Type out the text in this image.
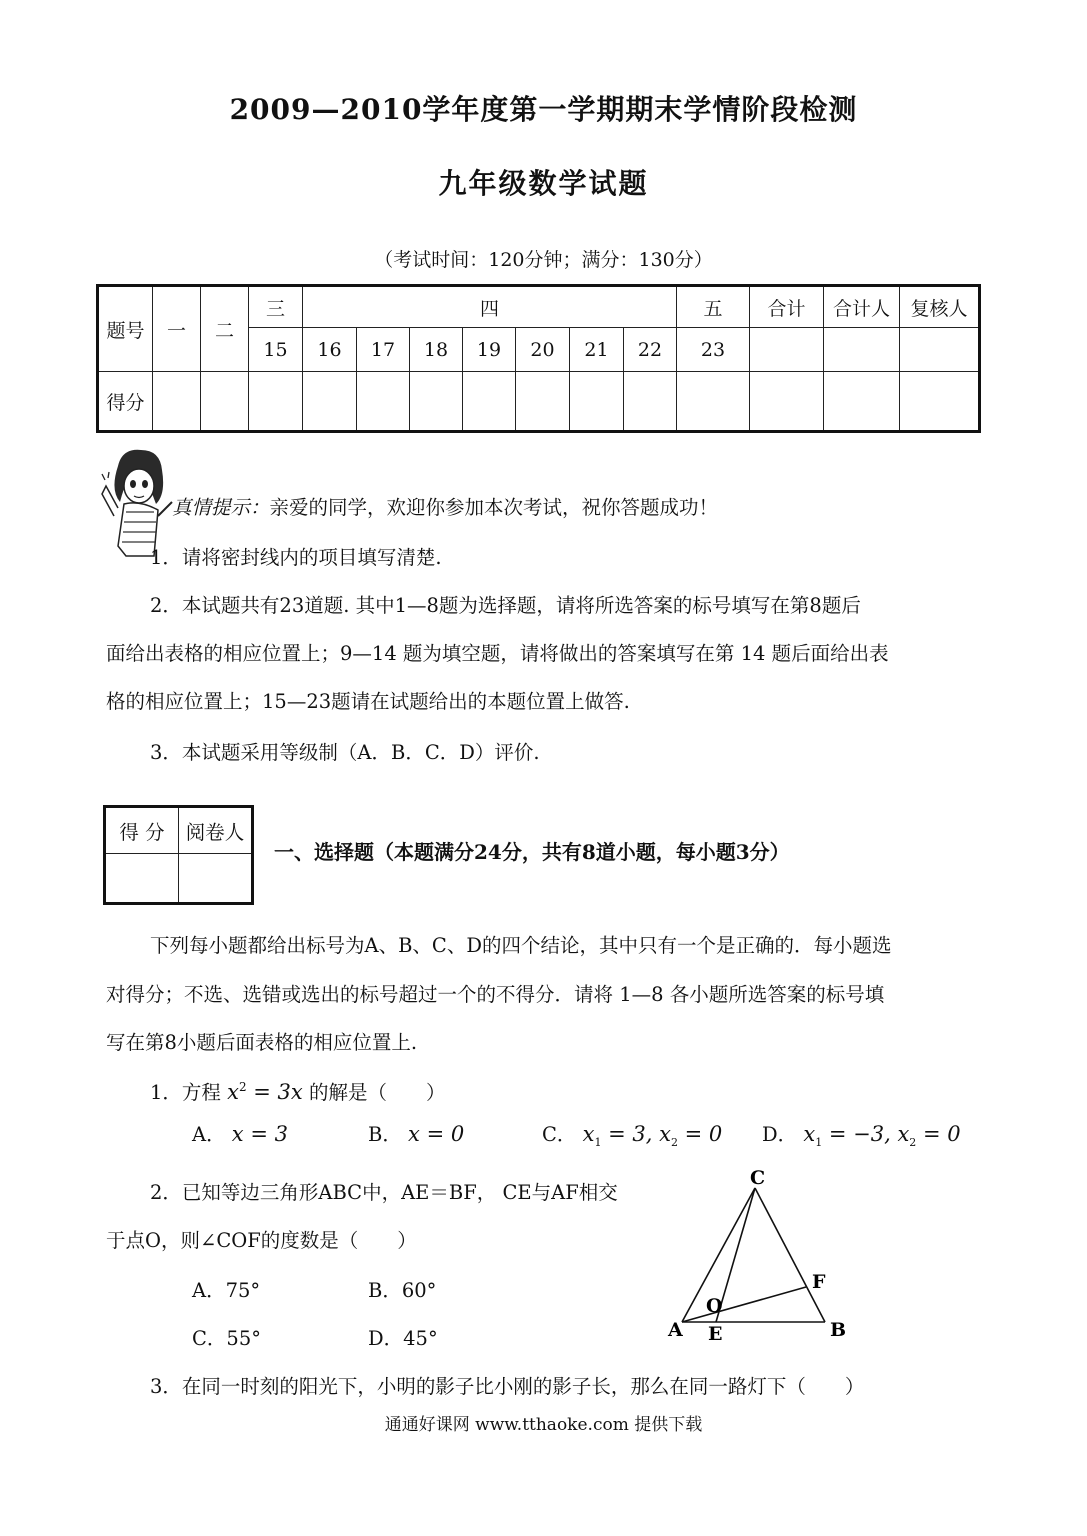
2009—2010学年度第一学期期末学情阶段检测
九年级数学试题
（考试时间：120分钟；满分：130分）
题号	一	二	三	四							五	合计	合计人	复核人
			15	16	17	18	19	20	21	22	23			
得分														
真情提示：亲爱的同学，欢迎你参加本次考试，祝你答题成功！
1．请将密封线内的项目填写清楚.
2．本试题共有23道题. 其中1—8题为选择题，请将所选答案的标号填写在第8题后
面给出表格的相应位置上；9—14 题为填空题，请将做出的答案填写在第 14 题后面给出表
格的相应位置上；15—23题请在试题给出的本题位置上做答.
3．本试题采用等级制（A．B．C．D）评价.
得 分	阅卷人

一、选择题（本题满分24分，共有8道小题，每小题3分）
下列每小题都给出标号为A、B、C、D的四个结论，其中只有一个是正确的．每小题选
对得分；不选、选错或选出的标号超过一个的不得分．请将 1—8 各小题所选答案的标号填
写在第8小题后面表格的相应位置上.
1．方程 $x^2 = 3x$ 的解是（　　）
A． x = 3	B． x = 0	C． $x_1 = 3$, $x_2 = 0$ D． $x_1 = -3$, $x_2 = 0$
2．已知等边三角形ABC中，AE＝BF， CE与AF相交
于点O，则∠COF的度数是（　　）
A．75°	B．60°
C．55°	D．45°
C
F
O
A E	B
3．在同一时刻的阳光下，小明的影子比小刚的影子长，那么在同一路灯下（　　）
通通好课网 www.tthaoke.com 提供下载
